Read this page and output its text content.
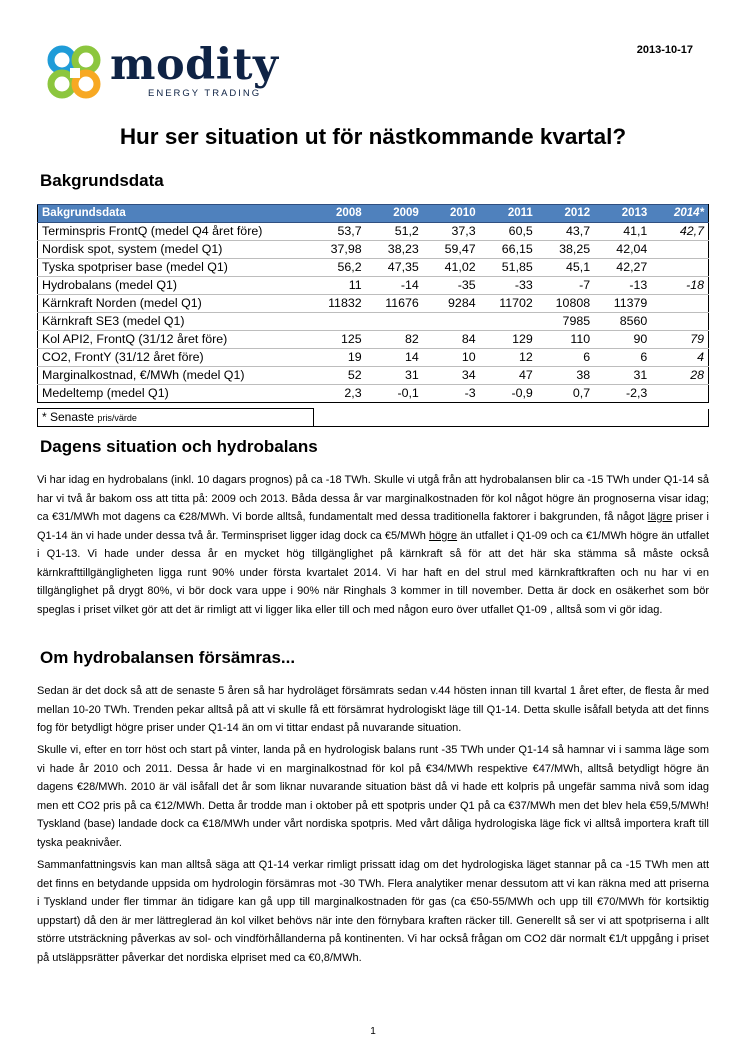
modity
ENERGY TRADING
2013-10-17
Hur ser situation ut för nästkommande kvartal?
Bakgrundsdata
Bakgrundsdata	2008	2009	2010	2011	2012	2013	2014*
Terminspris FrontQ (medel Q4 året före)	53,7	51,2	37,3	60,5	43,7	41,1	42,7
Nordisk spot, system (medel Q1)	37,98	38,23	59,47	66,15	38,25	42,04	
Tyska spotpriser base (medel Q1)	56,2	47,35	41,02	51,85	45,1	42,27	
Hydrobalans (medel Q1)	11	-14	-35	-33	-7	-13	-18
Kärnkraft Norden (medel Q1)	11832	11676	9284	11702	10808	11379	
Kärnkraft SE3 (medel Q1)					7985	8560	
Kol API2, FrontQ (31/12 året före)	125	82	84	129	110	90	79
CO2, FrontY (31/12 året före)	19	14	10	12	6	6	4
Marginalkostnad, €/MWh (medel Q1)	52	31	34	47	38	31	28
Medeltemp (medel Q1)	2,3	-0,1	-3	-0,9	0,7	-2,3	
* Senaste pris/värde	
Dagens situation och hydrobalans

Vi har idag en hydrobalans (inkl. 10 dagars prognos) på ca -18 TWh. Skulle vi utgå från att hydrobalansen blir ca -15 TWh under Q1-14 så har vi två år bakom oss att titta på: 2009 och 2013. Båda dessa år var marginalkostnaden för kol något högre än prognoserna visar idag; ca €31/MWh mot dagens ca €28/MWh. Vi borde alltså, fundamentalt med dessa traditionella faktorer i bakgrunden, få något lägre priser i Q1-14 än vi hade under dessa två år. Terminspriset ligger idag dock ca €5/MWh högre än utfallet i Q1-09 och ca €1/MWh högre än utfallet i Q1-13. Vi hade under dessa år en mycket hög tillgänglighet på kärnkraft så för att det här ska stämma så måste också kärnkrafttillgängligheten ligga runt 90% under första kvartalet 2014. Vi har haft en del strul med kärnkraftkraften och nu har vi en tillgänglighet på drygt 80%, vi bör dock vara uppe i 90% när Ringhals 3 kommer in till november. Detta är dock en osäkerhet som bör speglas i priset vilket gör att det är rimligt att vi ligger lika eller till och med någon euro över utfallet Q1-09 , alltså som vi gör idag.

Om hydrobalansen försämras...

Sedan är det dock så att de senaste 5 åren så har hydroläget försämrats sedan v.44 hösten innan till kvartal 1 året efter, de flesta år med mellan 10-20 TWh. Trenden pekar alltså på att vi skulle få ett försämrat hydrologiskt läge till Q1-14. Detta skulle isåfall betyda att det finns fog för betydligt högre priser under Q1-14 än om vi tittar endast på nuvarande situation.

Skulle vi, efter en torr höst och start på vinter, landa på en hydrologisk balans runt -35 TWh under Q1-14 så hamnar vi i samma läge som vi hade år 2010 och 2011. Dessa år hade vi en marginalkostnad för kol på €34/MWh respektive €47/MWh, alltså betydligt högre än dagens €28/MWh. 2010 är väl isåfall det år som liknar nuvarande situation bäst då vi hade ett kolpris på ungefär samma nivå som idag men ett CO2 pris på ca €12/MWh. Detta år trodde man i oktober på ett spotpris under Q1 på ca €37/MWh men det blev hela €59,5/MWh! Tyskland (base) landade dock ca €18/MWh under vårt nordiska spotpris. Med vårt dåliga hydrologiska läge fick vi alltså importera kraft till tyska peaknivåer.

Sammanfattningsvis kan man alltså säga att Q1-14 verkar rimligt prissatt idag om det hydrologiska läget stannar på ca -15 TWh men att det finns en betydande uppsida om hydrologin försämras mot -30 TWh. Flera analytiker menar dessutom att vi kan räkna med att priserna i Tyskland under fler timmar än tidigare kan gå upp till marginalkostnaden för gas (ca €50-55/MWh och upp till €70/MWh för kortsiktig uppstart) då den är mer lättreglerad än kol vilket behövs när inte den förnybara kraften räcker till. Generellt så ser vi att spotpriserna i allt större utsträckning påverkas av sol- och vindförhållanderna på kontinenten. Vi har också frågan om CO2 där normalt €1/t uppgång i priset på utsläppsrätter påverkar det nordiska elpriset med ca €0,8/MWh.

1
